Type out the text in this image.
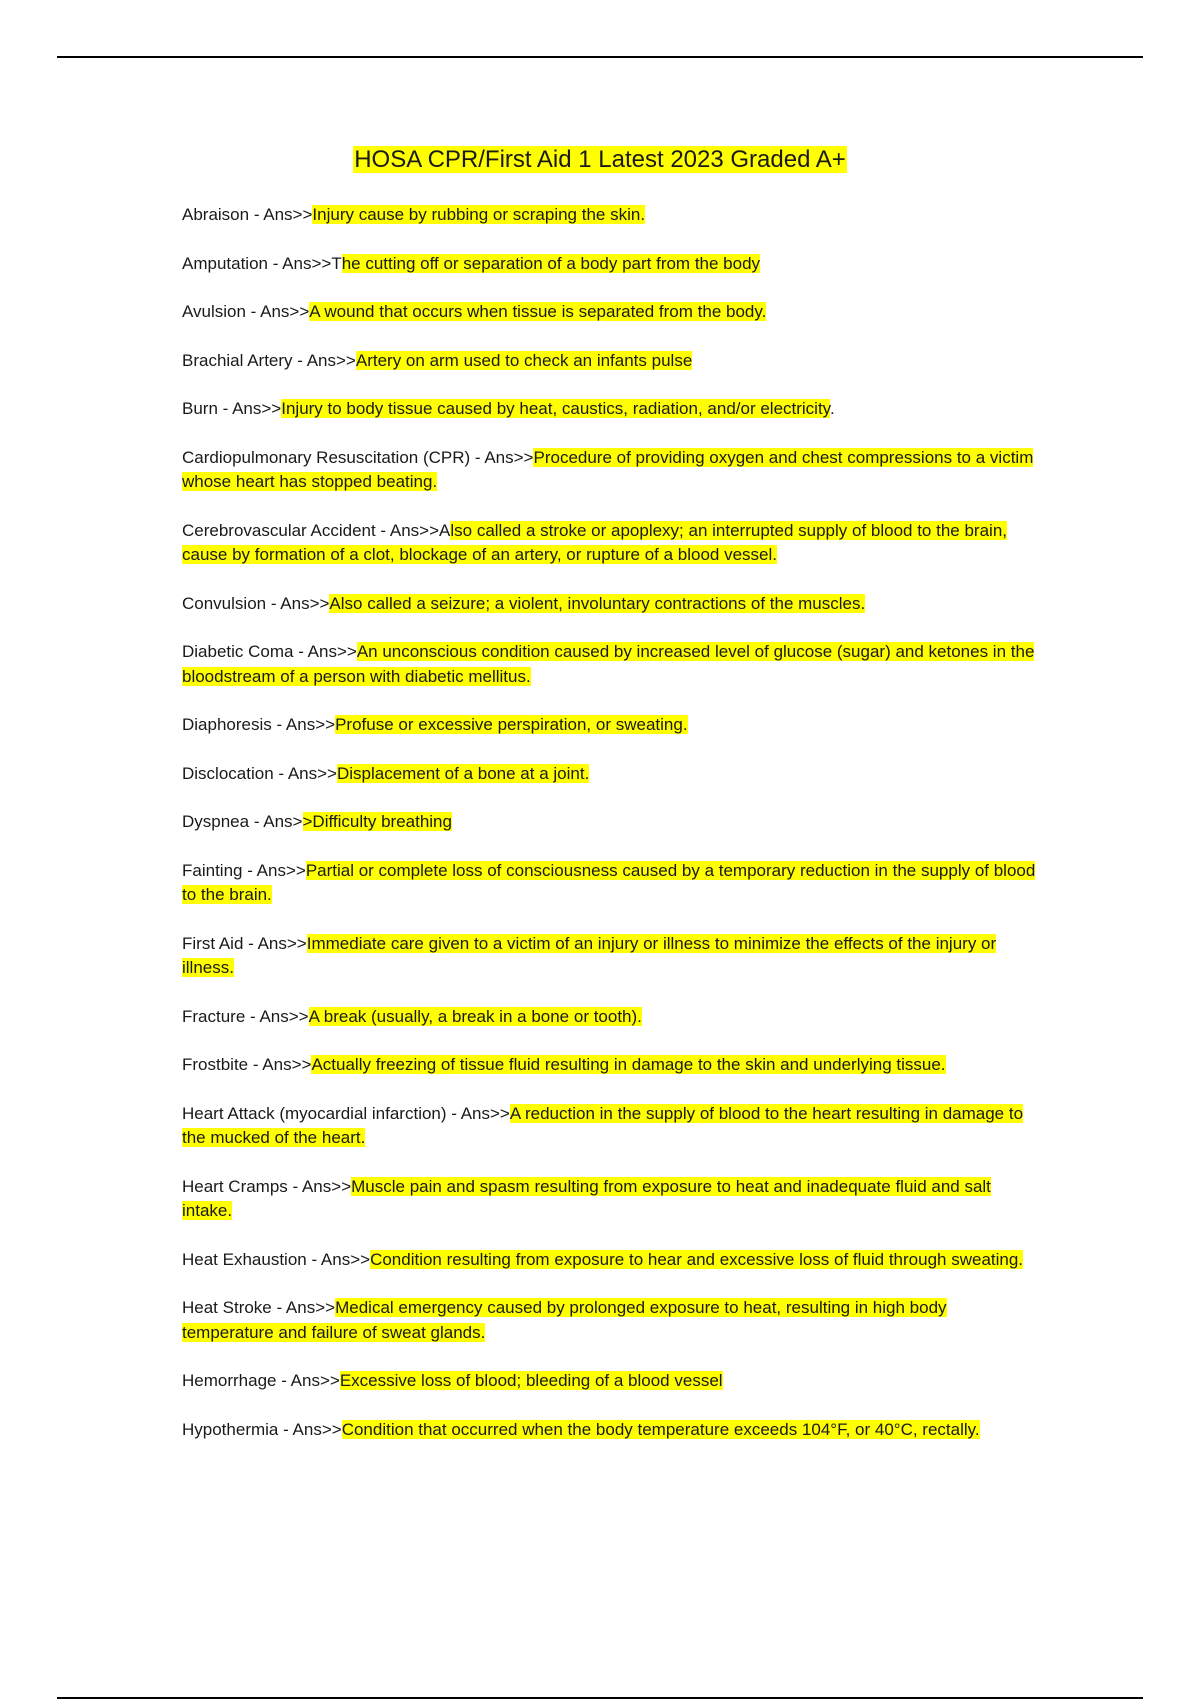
HOSA CPR/First Aid 1 Latest 2023 Graded A+
Abraison - Ans>>Injury cause by rubbing or scraping the skin.
Amputation - Ans>>The cutting off or separation of a body part from the body
Avulsion - Ans>>A wound that occurs when tissue is separated from the body.
Brachial Artery - Ans>>Artery on arm used to check an infants pulse
Burn - Ans>>Injury to body tissue caused by heat, caustics, radiation, and/or electricity.
Cardiopulmonary Resuscitation (CPR) - Ans>>Procedure of providing oxygen and chest compressions to a victim whose heart has stopped beating.
Cerebrovascular Accident - Ans>>Also called a stroke or apoplexy; an interrupted supply of blood to the brain, cause by formation of a clot, blockage of an artery, or rupture of a blood vessel.
Convulsion - Ans>>Also called a seizure; a violent, involuntary contractions of the muscles.
Diabetic Coma - Ans>>An unconscious condition caused by increased level of glucose (sugar) and ketones in the bloodstream of a person with diabetic mellitus.
Diaphoresis - Ans>>Profuse or excessive perspiration, or sweating.
Disclocation - Ans>>Displacement of a bone at a joint.
Dyspnea - Ans>>Difficulty breathing
Fainting - Ans>>Partial or complete loss of consciousness caused by a temporary reduction in the supply of blood to the brain.
First Aid - Ans>>Immediate care given to a victim of an injury or illness to minimize the effects of the injury or illness.
Fracture - Ans>>A break (usually, a break in a bone or tooth).
Frostbite - Ans>>Actually freezing of tissue fluid resulting in damage to the skin and underlying tissue.
Heart Attack (myocardial infarction) - Ans>>A reduction in the supply of blood to the heart resulting in damage to the mucked of the heart.
Heart Cramps - Ans>>Muscle pain and spasm resulting from exposure to heat and inadequate fluid and salt intake.
Heat Exhaustion - Ans>>Condition resulting from exposure to hear and excessive loss of fluid through sweating.
Heat Stroke - Ans>>Medical emergency caused by prolonged exposure to heat, resulting in high body temperature and failure of sweat glands.
Hemorrhage - Ans>>Excessive loss of blood; bleeding of a blood vessel
Hypothermia - Ans>>Condition that occurred when the body temperature exceeds 104°F, or 40°C, rectally.
